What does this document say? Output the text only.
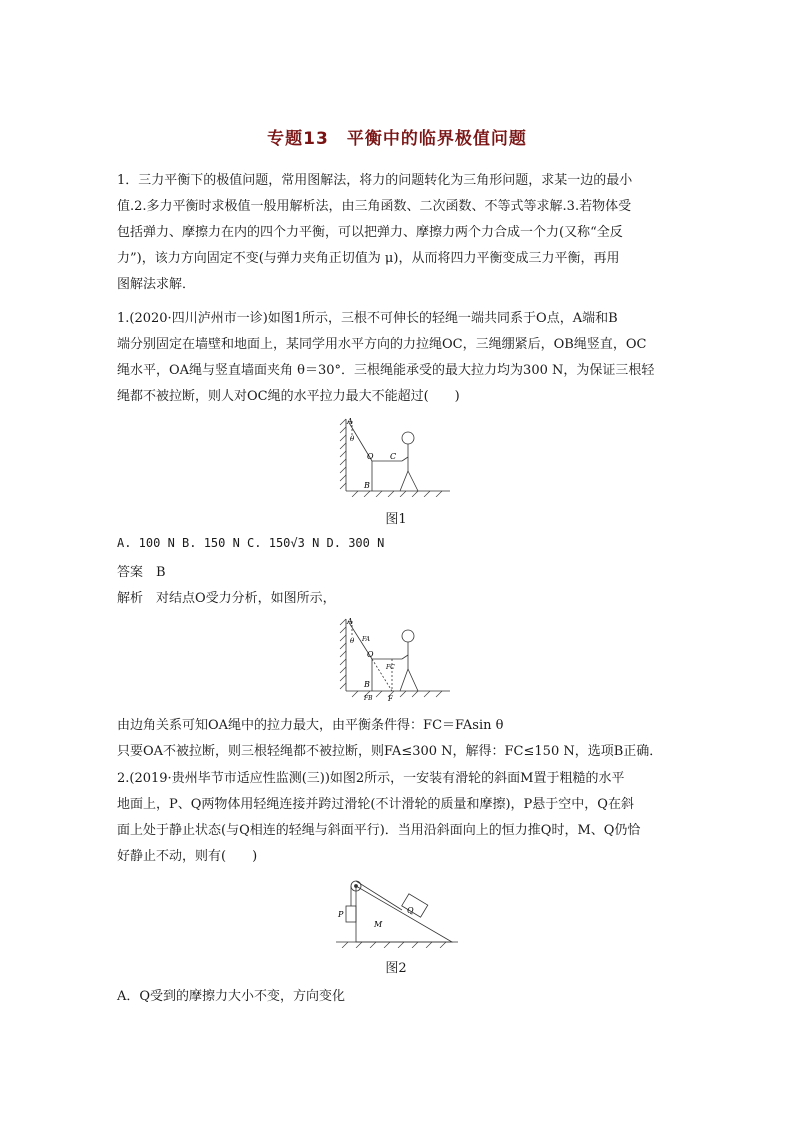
专题13　平衡中的临界极值问题
1．三力平衡下的极值问题，常用图解法，将力的问题转化为三角形问题，求某一边的最小
值.2.多力平衡时求极值一般用解析法，由三角函数、二次函数、不等式等求解.3.若物体受
包括弹力、摩擦力在内的四个力平衡，可以把弹力、摩擦力两个力合成一个力(又称“全反
力”)，该力方向固定不变(与弹力夹角正切值为 μ)，从而将四力平衡变成三力平衡，再用
图解法求解．
1.(2020·四川泸州市一诊)如图1所示，三根不可伸长的轻绳一端共同系于O点，A端和B
端分别固定在墙壁和地面上，某同学用水平方向的力拉绳OC，三绳绷紧后，OB绳竖直，OC
绳水平，OA绳与竖直墙面夹角 θ＝30°．三根绳能承受的最大拉力均为300 N，为保证三根轻
绳都不被拉断，则人对OC绳的水平拉力最大不能超过(　　)
A
θ
O C
B
图1
A. 100 N B. 150 N C. 150√3 N D. 300 N
答案　B
解析　对结点O受力分析，如图所示，
A
θ FA
O
FC
B
FB F
由边角关系可知OA绳中的拉力最大，由平衡条件得：FC＝FAsin θ
只要OA不被拉断，则三根轻绳都不被拉断，则FA≤300 N，解得：FC≤150 N，选项B正确．
2.(2019·贵州毕节市适应性监测(三))如图2所示，一安装有滑轮的斜面M置于粗糙的水平
地面上，P、Q两物体用轻绳连接并跨过滑轮(不计滑轮的质量和摩擦)，P悬于空中，Q在斜
面上处于静止状态(与Q相连的轻绳与斜面平行)．当用沿斜面向上的恒力推Q时，M、Q仍恰
好静止不动，则有(　　)
P	Q
M
图2
A．Q受到的摩擦力大小不变，方向变化
